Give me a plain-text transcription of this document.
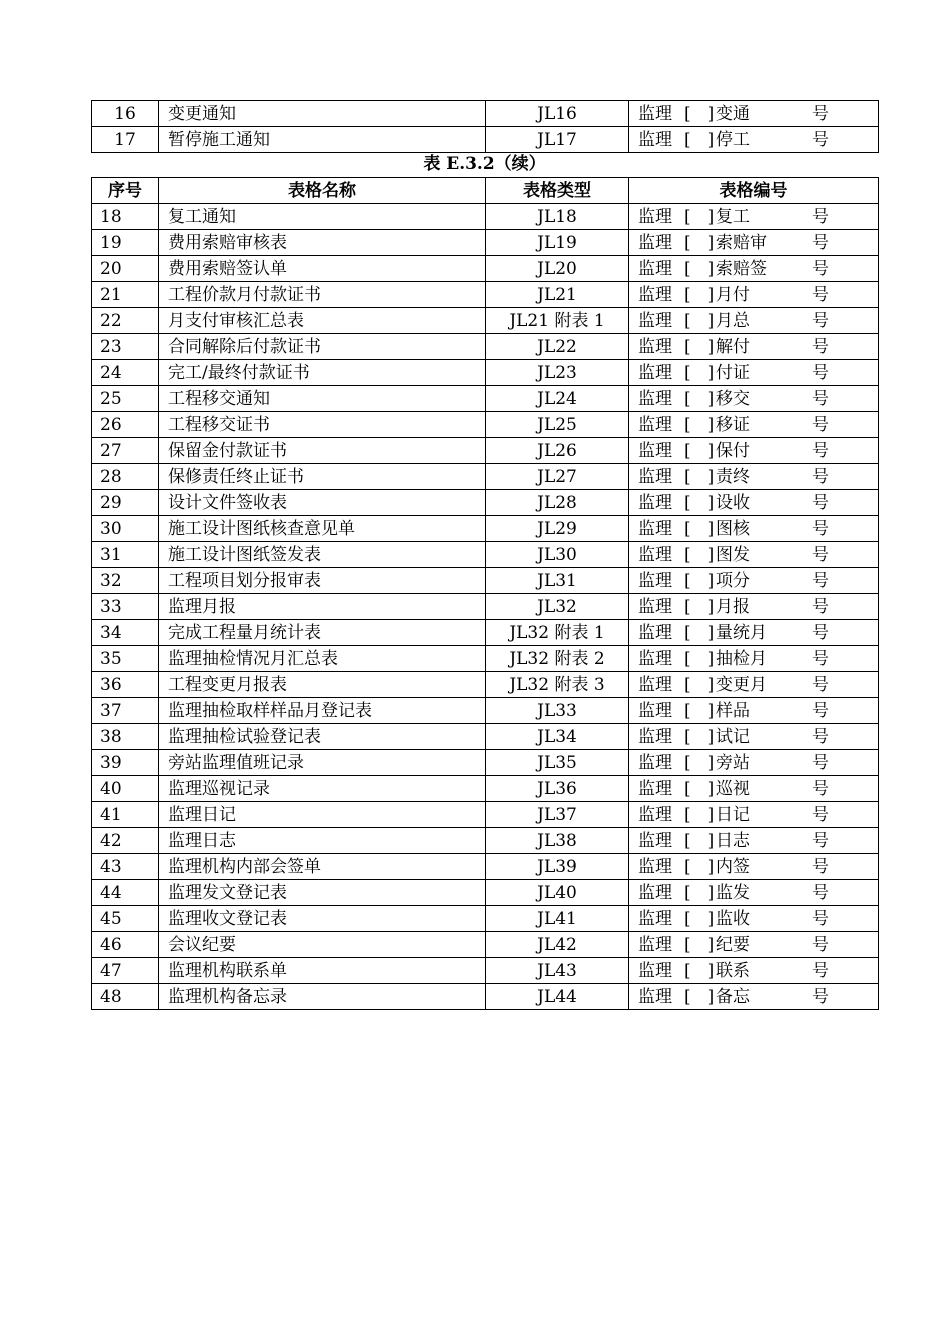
16	变更通知	JL16	监理 [　] 变通 号

17	暂停施工通知	JL17	监理 [　] 停工 号
表 E.3.2（续）
序号	表格名称	表格类型	表格编号
18	复工通知	JL18	监理 [　] 复工 号

19	费用索赔审核表	JL19	监理 [　] 索赔审 号

20	费用索赔签认单	JL20	监理 [　] 索赔签 号

21	工程价款月付款证书	JL21	监理 [　] 月付 号

22	月支付审核汇总表	JL21 附表 1	监理 [　] 月总 号

23	合同解除后付款证书	JL22	监理 [　] 解付 号

24	完工/最终付款证书	JL23	监理 [　] 付证 号

25	工程移交通知	JL24	监理 [　] 移交 号

26	工程移交证书	JL25	监理 [　] 移证 号

27	保留金付款证书	JL26	监理 [　] 保付 号

28	保修责任终止证书	JL27	监理 [　] 责终 号

29	设计文件签收表	JL28	监理 [　] 设收 号

30	施工设计图纸核查意见单	JL29	监理 [　] 图核 号

31	施工设计图纸签发表	JL30	监理 [　] 图发 号

32	工程项目划分报审表	JL31	监理 [　] 项分 号

33	监理月报	JL32	监理 [　] 月报 号

34	完成工程量月统计表	JL32 附表 1	监理 [　] 量统月 号

35	监理抽检情况月汇总表	JL32 附表 2	监理 [　] 抽检月 号

36	工程变更月报表	JL32 附表 3	监理 [　] 变更月 号

37	监理抽检取样样品月登记表	JL33	监理 [　] 样品 号

38	监理抽检试验登记表	JL34	监理 [　] 试记 号

39	旁站监理值班记录	JL35	监理 [　] 旁站 号

40	监理巡视记录	JL36	监理 [　] 巡视 号

41	监理日记	JL37	监理 [　] 日记 号

42	监理日志	JL38	监理 [　] 日志 号

43	监理机构内部会签单	JL39	监理 [　] 内签 号

44	监理发文登记表	JL40	监理 [　] 监发 号

45	监理收文登记表	JL41	监理 [　] 监收 号

46	会议纪要	JL42	监理 [　] 纪要 号

47	监理机构联系单	JL43	监理 [　] 联系 号

48	监理机构备忘录	JL44	监理 [　] 备忘 号
